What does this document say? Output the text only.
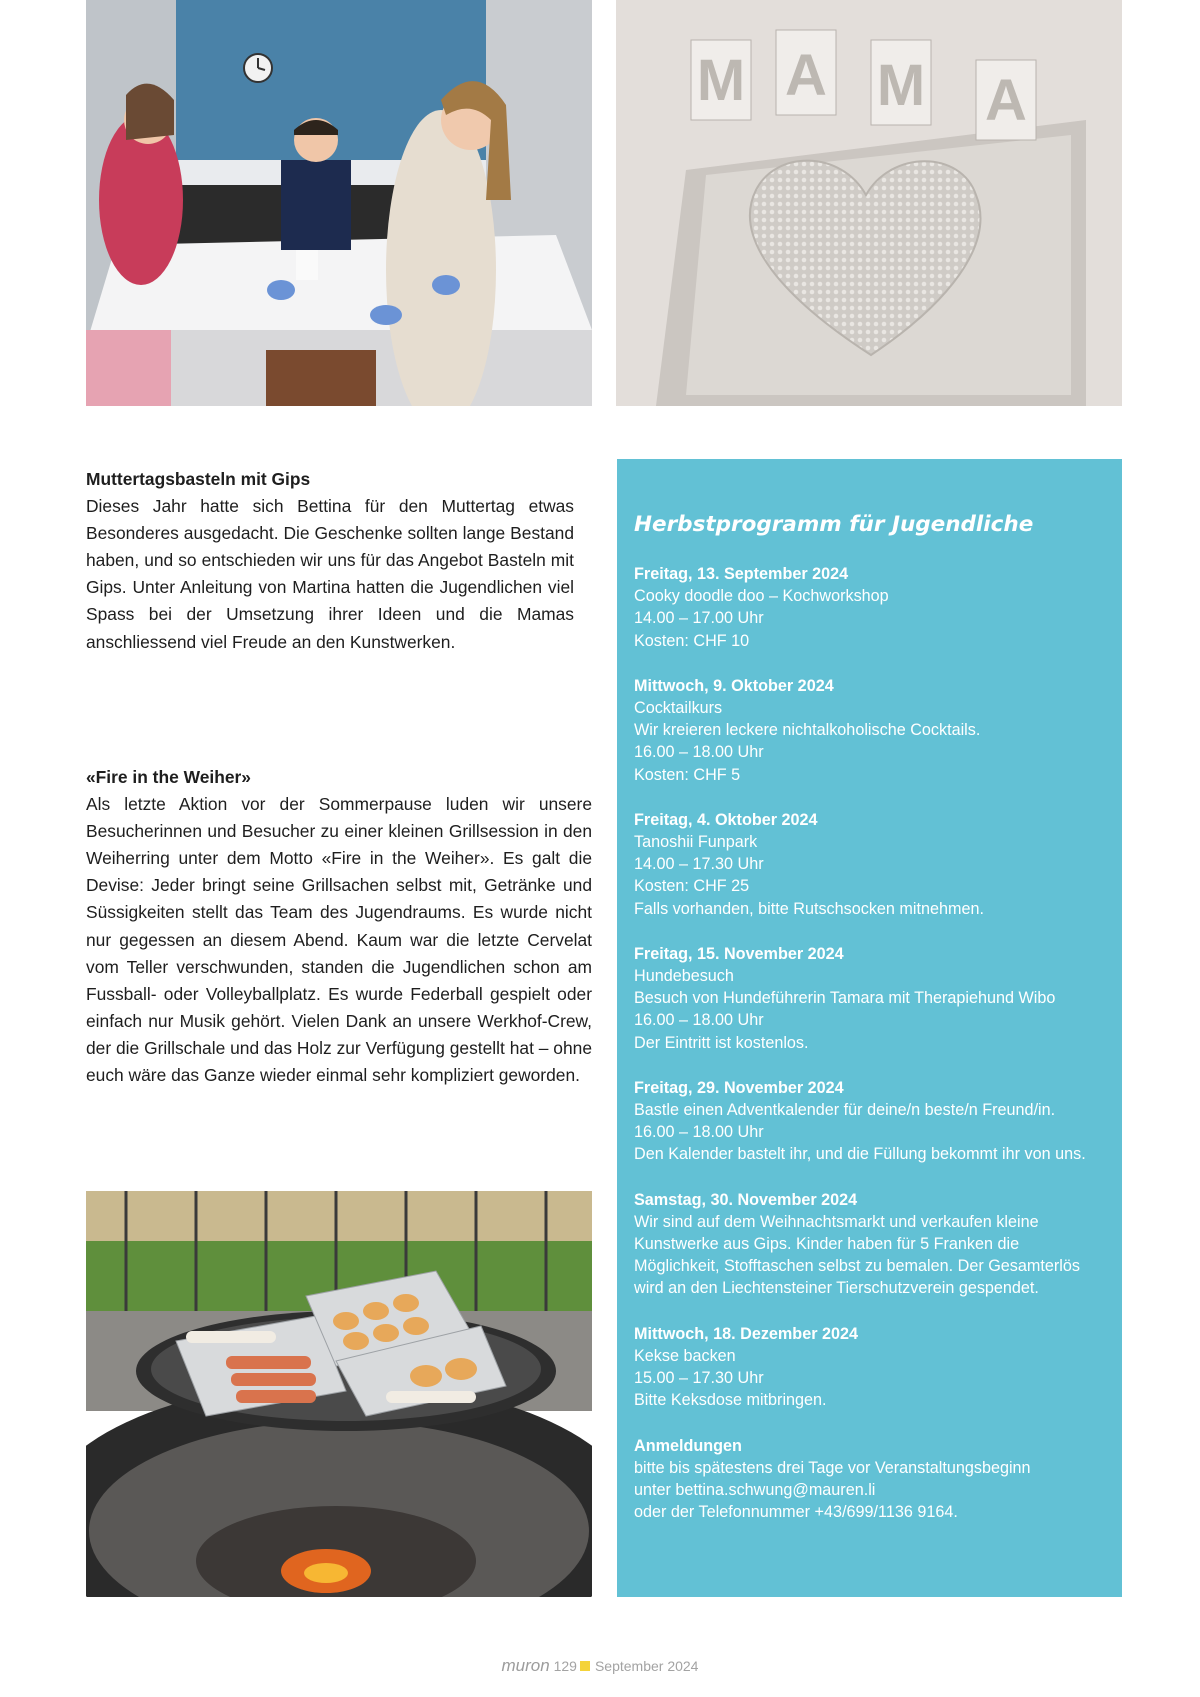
M A M A
Muttertagsbasteln mit Gips

Dieses Jahr hatte sich Bettina für den Muttertag etwas Besonderes ausgedacht. Die Geschenke sollten lange Bestand haben, und so entschieden wir uns für das Angebot Basteln mit Gips. Unter Anleitung von Martina hatten die Jugendlichen viel Spass bei der Umsetzung ihrer Ideen und die Mamas anschliessend viel Freude an den Kunstwerken.

«Fire in the Weiher»

Als letzte Aktion vor der Sommerpause luden wir unsere Besucherinnen und Besucher zu einer kleinen Grillsession in den Weiherring unter dem Motto «Fire in the Weiher». Es galt die Devise: Jeder bringt seine Grillsachen selbst mit, Getränke und Süssigkeiten stellt das Team des Jugendraums. Es wurde nicht nur gegessen an diesem Abend. Kaum war die letzte Cervelat vom Teller verschwunden, standen die Jugendlichen schon am Fussball- oder Volleyballplatz. Es wurde Federball gespielt oder einfach nur Musik gehört. Vielen Dank an unsere Werkhof-Crew, der die Grillschale und das Holz zur Verfügung gestellt hat – ohne euch wäre das Ganze wieder einmal sehr kompliziert geworden.

Herbstprogramm für Jugendliche
Freitag, 13. September 2024
Cooky doodle doo – Kochworkshop
14.00 – 17.00 Uhr
Kosten: CHF 10
Mittwoch, 9. Oktober 2024
Cocktailkurs
Wir kreieren leckere nichtalkoholische Cocktails.
16.00 – 18.00 Uhr
Kosten: CHF 5
Freitag, 4. Oktober 2024
Tanoshii Funpark
14.00 – 17.30 Uhr
Kosten: CHF 25
Falls vorhanden, bitte Rutschsocken mitnehmen.
Freitag, 15. November 2024
Hundebesuch
Besuch von Hundeführerin Tamara mit Therapiehund Wibo
16.00 – 18.00 Uhr
Der Eintritt ist kostenlos.
Freitag, 29. November 2024
Bastle einen Adventkalender für deine/n beste/n Freund/in.
16.00 – 18.00 Uhr
Den Kalender bastelt ihr, und die Füllung bekommt ihr von uns.
Samstag, 30. November 2024
Wir sind auf dem Weihnachtsmarkt und verkaufen kleine Kunstwerke aus Gips. Kinder haben für 5 Franken die Möglichkeit, Stofftaschen selbst zu bemalen. Der Gesamterlös wird an den Liechtensteiner Tierschutzverein gespendet.
Mittwoch, 18. Dezember 2024
Kekse backen
15.00 – 17.30 Uhr
Bitte Keksdose mitbringen.
Anmeldungen
bitte bis spätestens drei Tage vor Veranstaltungsbeginn
unter bettina.schwung@mauren.li
oder der Telefonnummer +43/699/1136 9164.
muron 129 September 2024
